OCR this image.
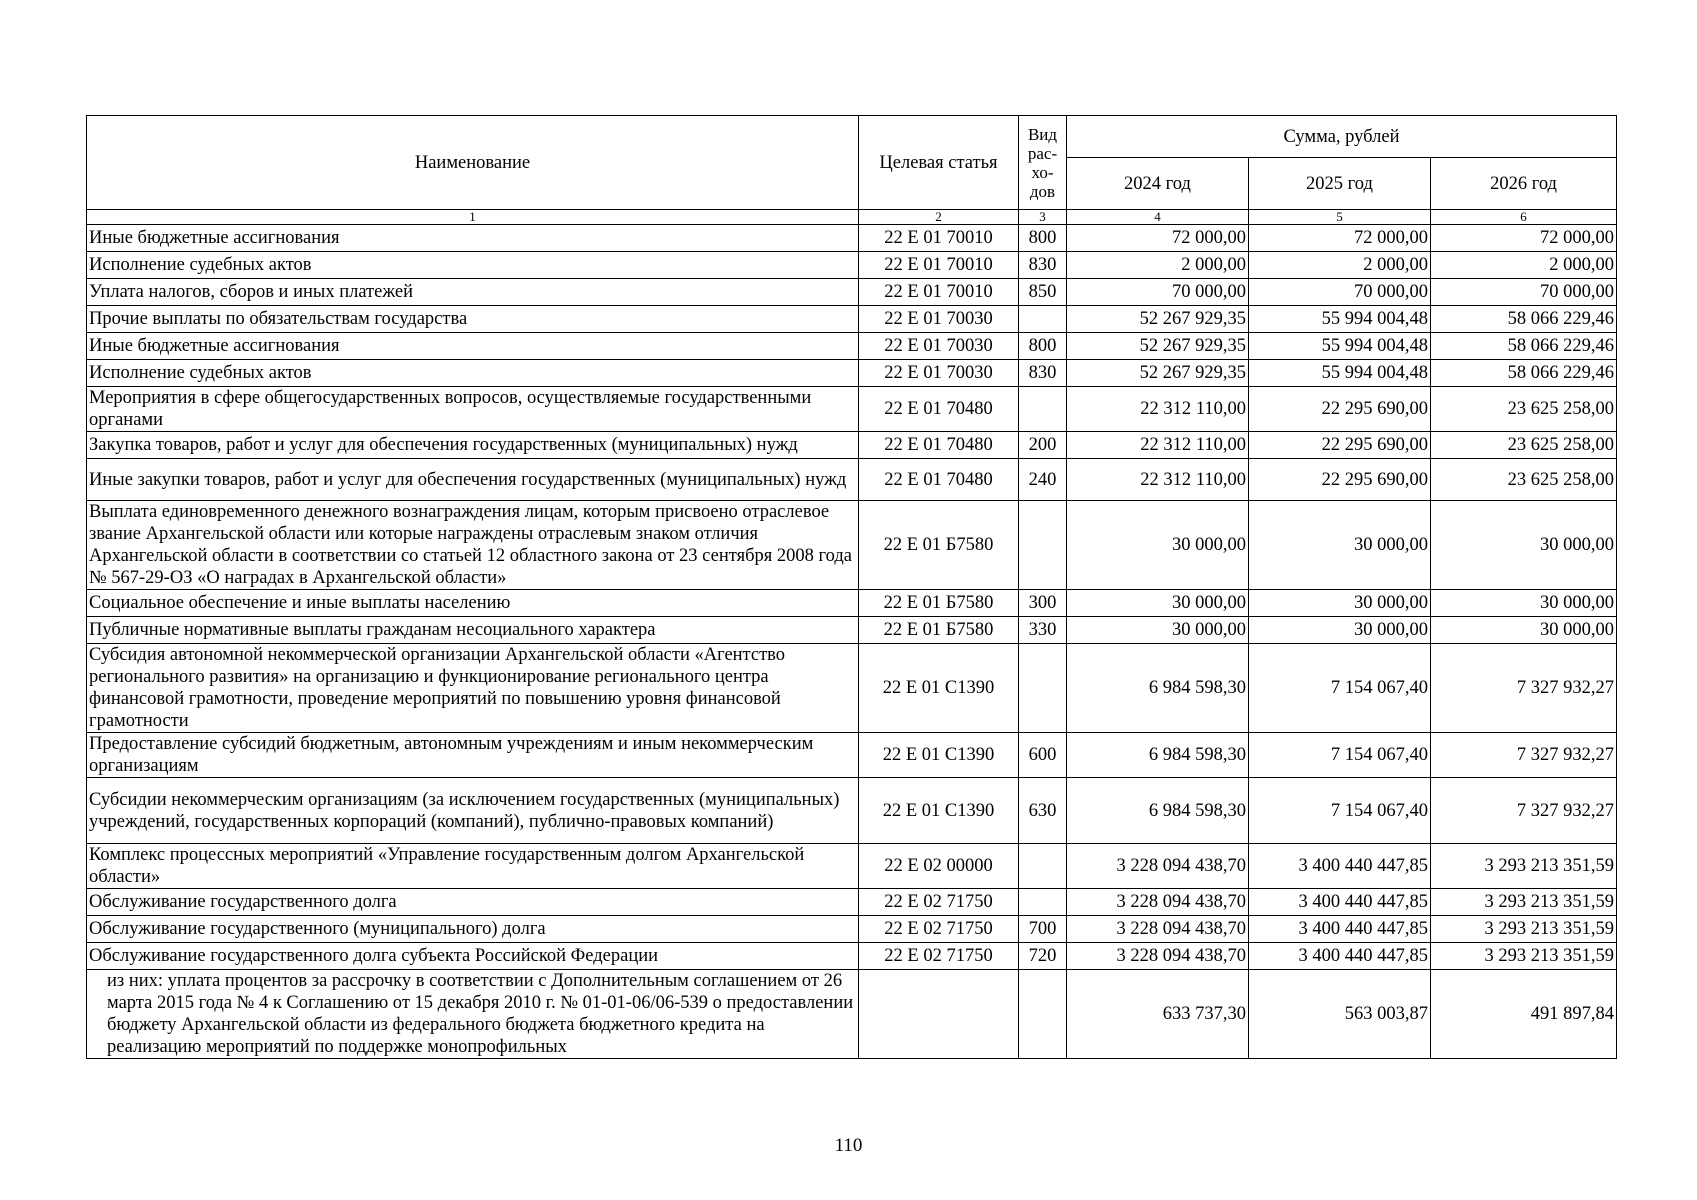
Наименование	Целевая статья	Вид рас-хо-дов	Сумма, рублей		
			2024 год	2025 год	2026 год
1	2	3	4	5	6
Иные бюджетные ассигнования	22 Е 01 70010	800	72 000,00	72 000,00	72 000,00
Исполнение судебных актов	22 Е 01 70010	830	2 000,00	2 000,00	2 000,00
Уплата налогов, сборов и иных платежей	22 Е 01 70010	850	70 000,00	70 000,00	70 000,00
Прочие выплаты по обязательствам государства	22 Е 01 70030		52 267 929,35	55 994 004,48	58 066 229,46
Иные бюджетные ассигнования	22 Е 01 70030	800	52 267 929,35	55 994 004,48	58 066 229,46
Исполнение судебных актов	22 Е 01 70030	830	52 267 929,35	55 994 004,48	58 066 229,46
Мероприятия в сфере общегосударственных вопросов, осуществляемые государственными органами	22 Е 01 70480		22 312 110,00	22 295 690,00	23 625 258,00
Закупка товаров, работ и услуг для обеспечения государственных (муниципальных) нужд	22 Е 01 70480	200	22 312 110,00	22 295 690,00	23 625 258,00
Иные закупки товаров, работ и услуг для обеспечения государственных (муниципальных) нужд	22 Е 01 70480	240	22 312 110,00	22 295 690,00	23 625 258,00
Выплата единовременного денежного вознаграждения лицам, которым присвоено отраслевое звание Архангельской области или которые награждены отраслевым знаком отличия Архангельской области в соответствии со статьей 12 областного закона от 23 сентября 2008 года № 567-29-ОЗ «О наградах в Архангельской области»	22 Е 01 Б7580		30 000,00	30 000,00	30 000,00
Социальное обеспечение и иные выплаты населению	22 Е 01 Б7580	300	30 000,00	30 000,00	30 000,00
Публичные нормативные выплаты гражданам несоциального характера	22 Е 01 Б7580	330	30 000,00	30 000,00	30 000,00
Субсидия автономной некоммерческой организации Архангельской области «Агентство регионального развития» на организацию и функционирование регионального центра финансовой грамотности, проведение мероприятий по повышению уровня финансовой грамотности	22 Е 01 С1390		6 984 598,30	7 154 067,40	7 327 932,27
Предоставление субсидий бюджетным, автономным учреждениям и иным некоммерческим организациям	22 Е 01 С1390	600	6 984 598,30	7 154 067,40	7 327 932,27
Субсидии некоммерческим организациям (за исключением государственных (муниципальных) учреждений, государственных корпораций (компаний), публично-правовых компаний)	22 Е 01 С1390	630	6 984 598,30	7 154 067,40	7 327 932,27
Комплекс процессных мероприятий «Управление государственным долгом Архангельской области»	22 Е 02 00000		3 228 094 438,70	3 400 440 447,85	3 293 213 351,59
Обслуживание государственного долга	22 Е 02 71750		3 228 094 438,70	3 400 440 447,85	3 293 213 351,59
Обслуживание государственного (муниципального) долга	22 Е 02 71750	700	3 228 094 438,70	3 400 440 447,85	3 293 213 351,59
Обслуживание государственного долга субъекта Российской Федерации	22 Е 02 71750	720	3 228 094 438,70	3 400 440 447,85	3 293 213 351,59
из них: уплата процентов за рассрочку в соответствии с Дополнительным соглашением от 26 марта 2015 года № 4 к Соглашению от 15 декабря 2010 г. № 01-01-06/06-539 о предоставлении бюджету Архангельской области из федерального бюджета бюджетного кредита на реализацию мероприятий по поддержке монопрофильных			633 737,30	563 003,87	491 897,84
110
